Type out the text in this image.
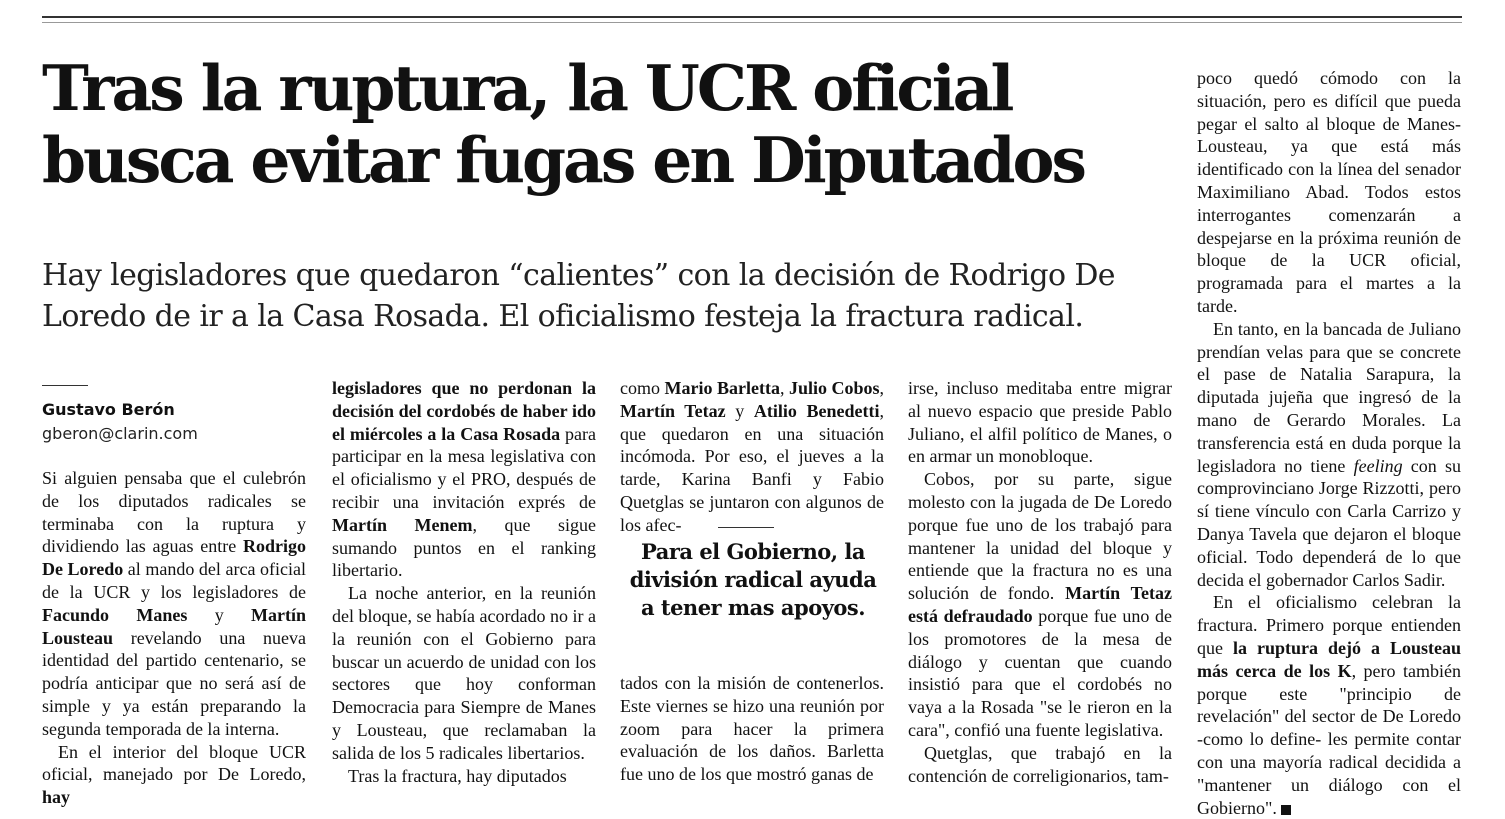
Tras la ruptura, la UCR oficial busca evitar fugas en Diputados

Hay legisladores que quedaron “calientes” con la decisión de Rodrigo De Loredo de ir a la Casa Rosada. El oficialismo festeja la fractura radical.

Gustavo Berón
gberon@clarin.com

Si alguien pensaba que el culebrón de los diputados radicales se terminaba con la ruptura y dividiendo las aguas entre Rodrigo De Loredo al mando del arca oficial de la UCR y los legisladores de Facundo Manes y Martín Lousteau revelando una nueva identidad del partido centenario, se podría anticipar que no será así de simple y ya están preparando la segunda temporada de la interna.

En el interior del bloque UCR oficial, manejado por De Loredo, hay

legisladores que no perdonan la decisión del cordobés de haber ido el miércoles a la Casa Rosada para participar en la mesa legislativa con el oficialismo y el PRO, después de recibir una invitación exprés de Martín Menem, que sigue sumando puntos en el ranking libertario.

La noche anterior, en la reunión del bloque, se había acordado no ir a la reunión con el Gobierno para buscar un acuerdo de unidad con los sectores que hoy conforman Democracia para Siempre de Manes y Lousteau, que reclamaban la salida de los 5 radicales libertarios.

Tras la fractura, hay diputados

como Mario Barletta, Julio Cobos, Martín Tetaz y Atilio Benedetti, que quedaron en una situación incómoda. Por eso, el jueves a la tarde, Karina Banfi y Fabio Quetglas se juntaron con algunos de los afec-

Para el Gobierno, la división radical ayuda a tener mas apoyos.

tados con la misión de contenerlos. Este viernes se hizo una reunión por zoom para hacer la primera evaluación de los daños. Barletta fue uno de los que mostró ganas de

irse, incluso meditaba entre migrar al nuevo espacio que preside Pablo Juliano, el alfil político de Manes, o en armar un monobloque.

Cobos, por su parte, sigue molesto con la jugada de De Loredo porque fue uno de los trabajó para mantener la unidad del bloque y entiende que la fractura no es una solución de fondo. Martín Tetaz está defraudado porque fue uno de los promotores de la mesa de diálogo y cuentan que cuando insistió para que el cordobés no vaya a la Rosada "se le rieron en la cara", confió una fuente legislativa.

Quetglas, que trabajó en la contención de correligionarios, tam-

poco quedó cómodo con la situación, pero es difícil que pueda pegar el salto al bloque de Manes-Lousteau, ya que está más identificado con la línea del senador Maximiliano Abad. Todos estos interrogantes comenzarán a despejarse en la próxima reunión de bloque de la UCR oficial, programada para el martes a la tarde.

En tanto, en la bancada de Juliano prendían velas para que se concrete el pase de Natalia Sarapura, la diputada jujeña que ingresó de la mano de Gerardo Morales. La transferencia está en duda porque la legisladora no tiene feeling con su comprovinciano Jorge Rizzotti, pero sí tiene vínculo con Carla Carrizo y Danya Tavela que dejaron el bloque oficial. Todo dependerá de lo que decida el gobernador Carlos Sadir.

En el oficialismo celebran la fractura. Primero porque entienden que la ruptura dejó a Lousteau más cerca de los K, pero también porque este "principio de revelación" del sector de De Loredo -como lo define- les permite contar con una mayoría radical decidida a "mantener un diálogo con el Gobierno".
